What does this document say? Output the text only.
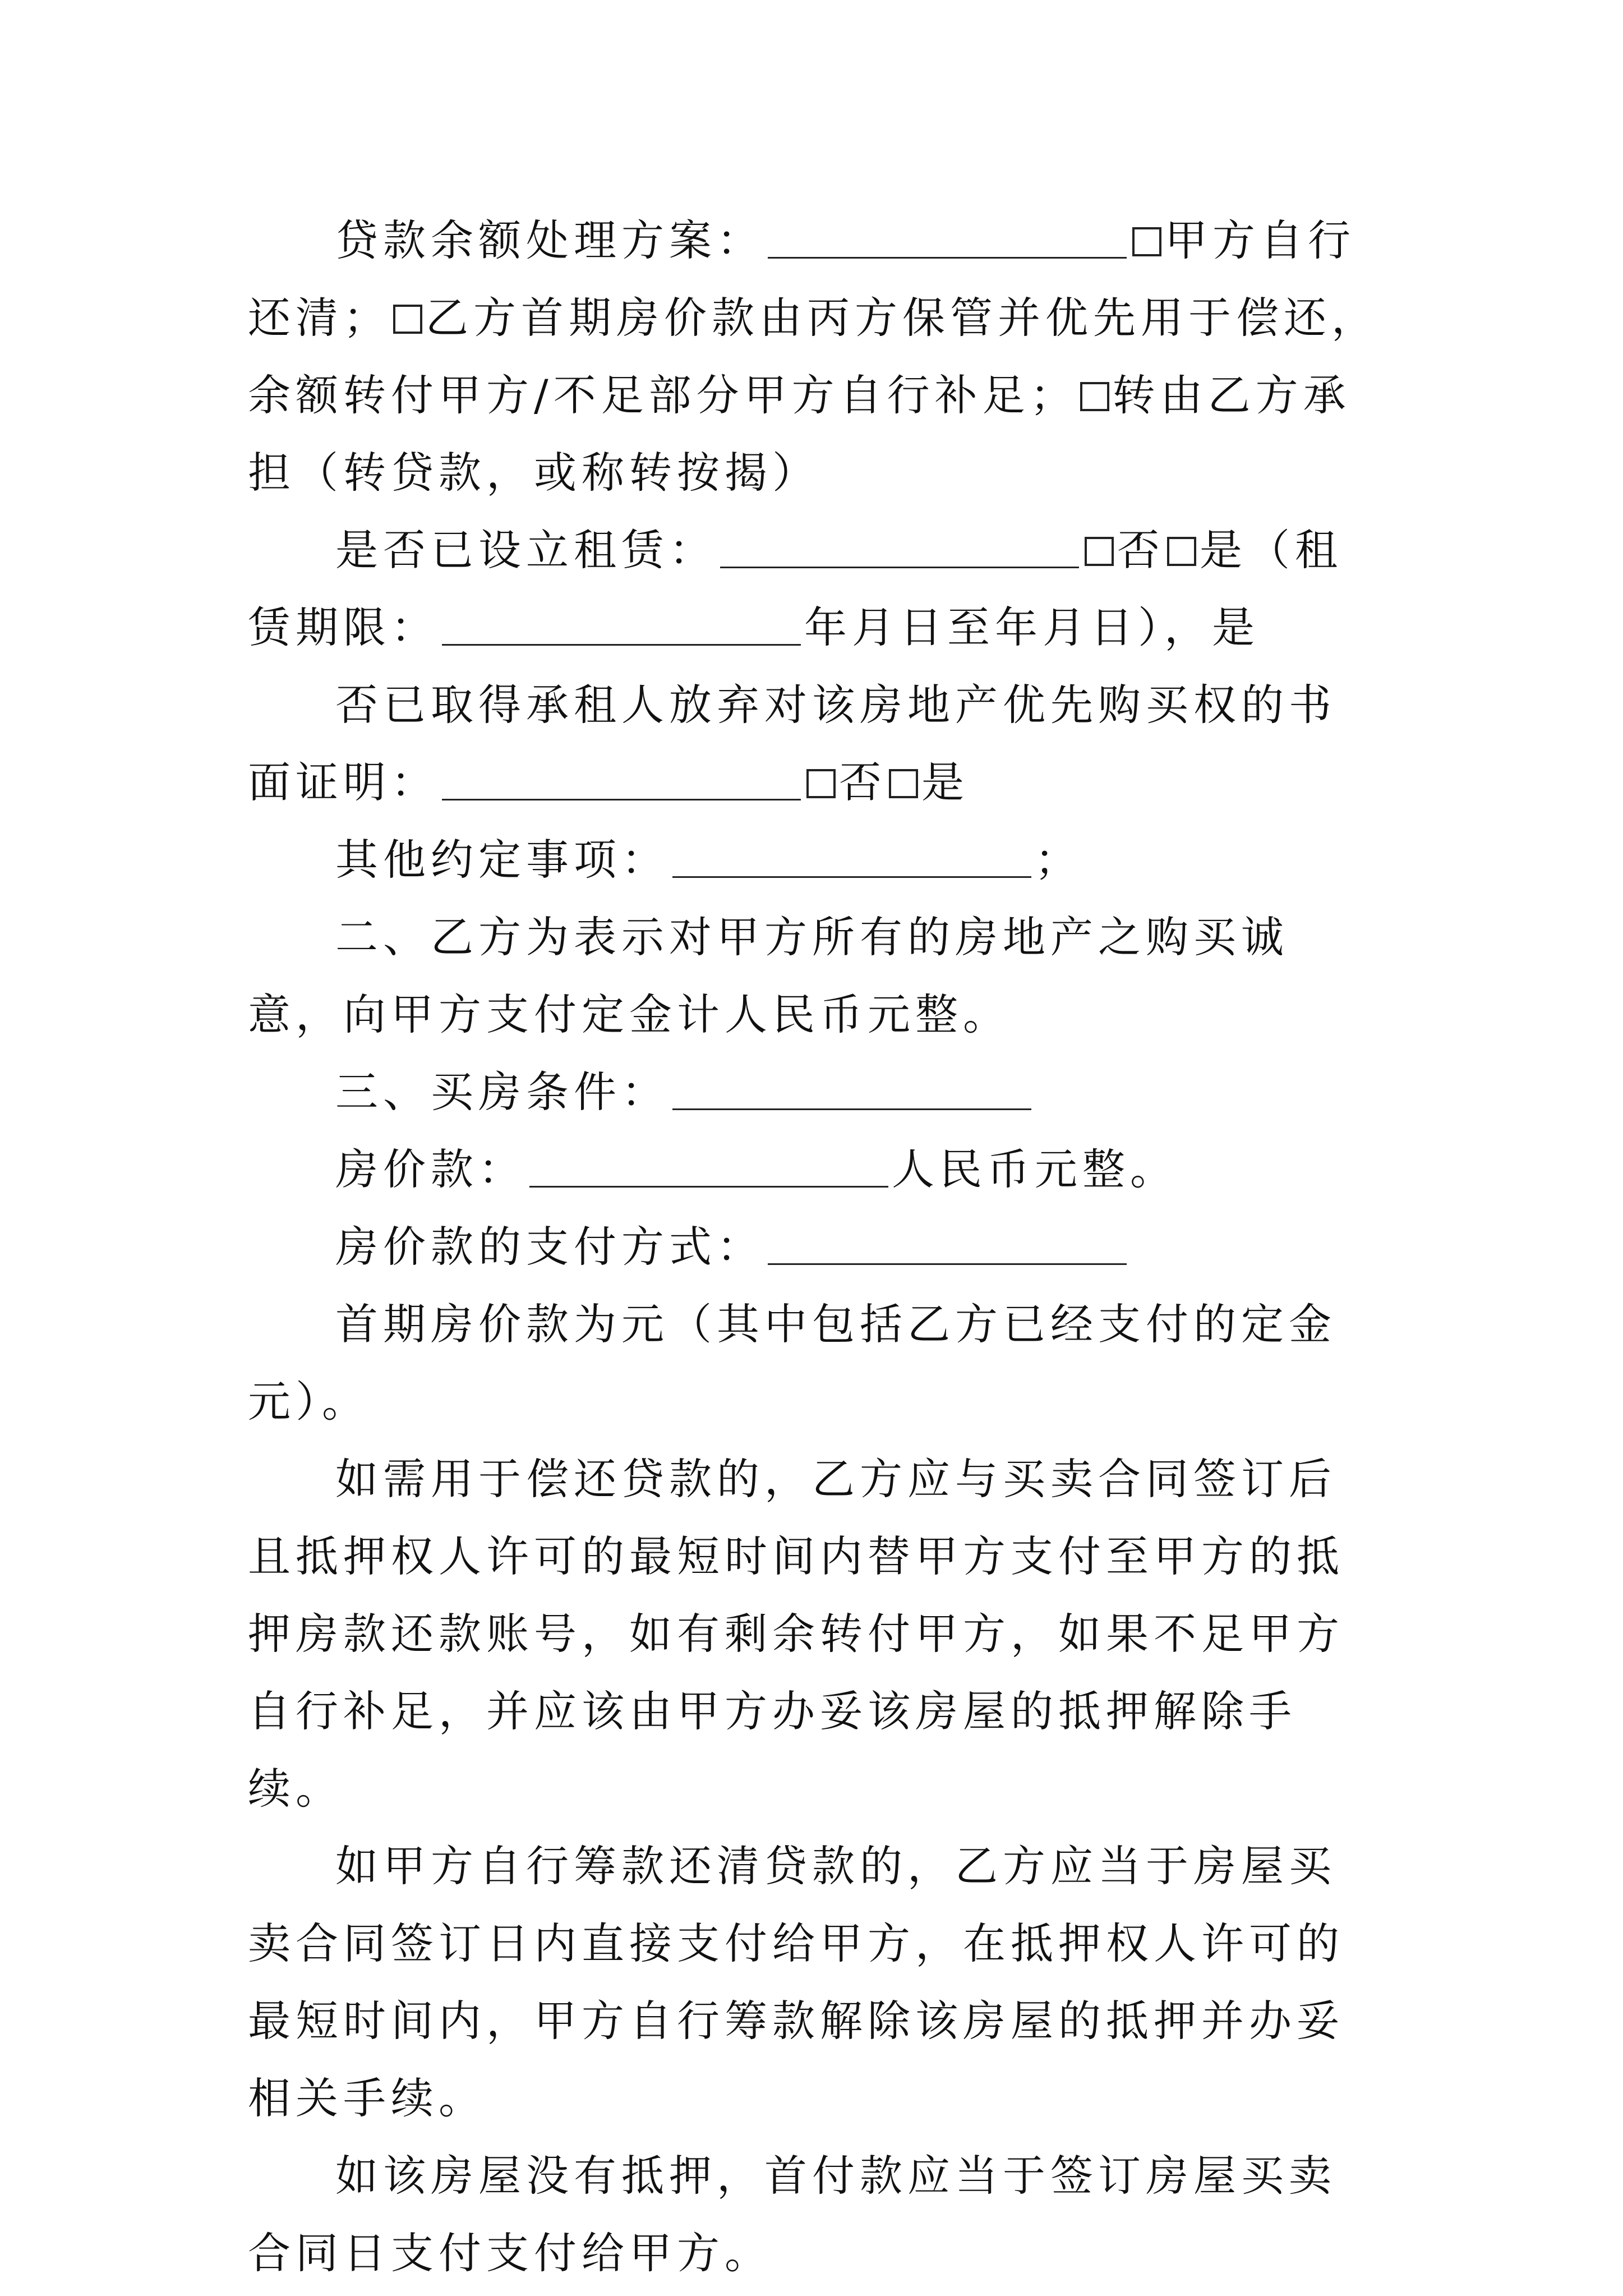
贷款余额处理方案：	甲方自行还清； 乙方首期房价款由丙方保管并优先用于偿还，余额转付甲方/不足部分甲方自行补足； 转由乙方承担（转贷款，或称转按揭）

是否已设立租赁：	否 是（租赁期限：	年月日至年月日），是

否已取得承租人放弃对该房地产优先购买权的书面证明：	否 是

其他约定事项：	；

二、乙方为表示对甲方所有的房地产之购买诚意，向甲方支付定金计人民币元整。

三、买房条件：

房价款：	人民币元整。

房价款的支付方式：

首期房价款为元（其中包括乙方已经支付的定金元）。

如需用于偿还贷款的，乙方应与买卖合同签订后且抵押权人许可的最短时间内替甲方支付至甲方的抵押房款还款账号，如有剩余转付甲方，如果不足甲方自行补足，并应该由甲方办妥该房屋的抵押解除手续。

如甲方自行筹款还清贷款的，乙方应当于房屋买卖合同签订日内直接支付给甲方，在抵押权人许可的最短时间内，甲方自行筹款解除该房屋的抵押并办妥相关手续。

如该房屋没有抵押，首付款应当于签订房屋买卖合同日支付支付给甲方。
